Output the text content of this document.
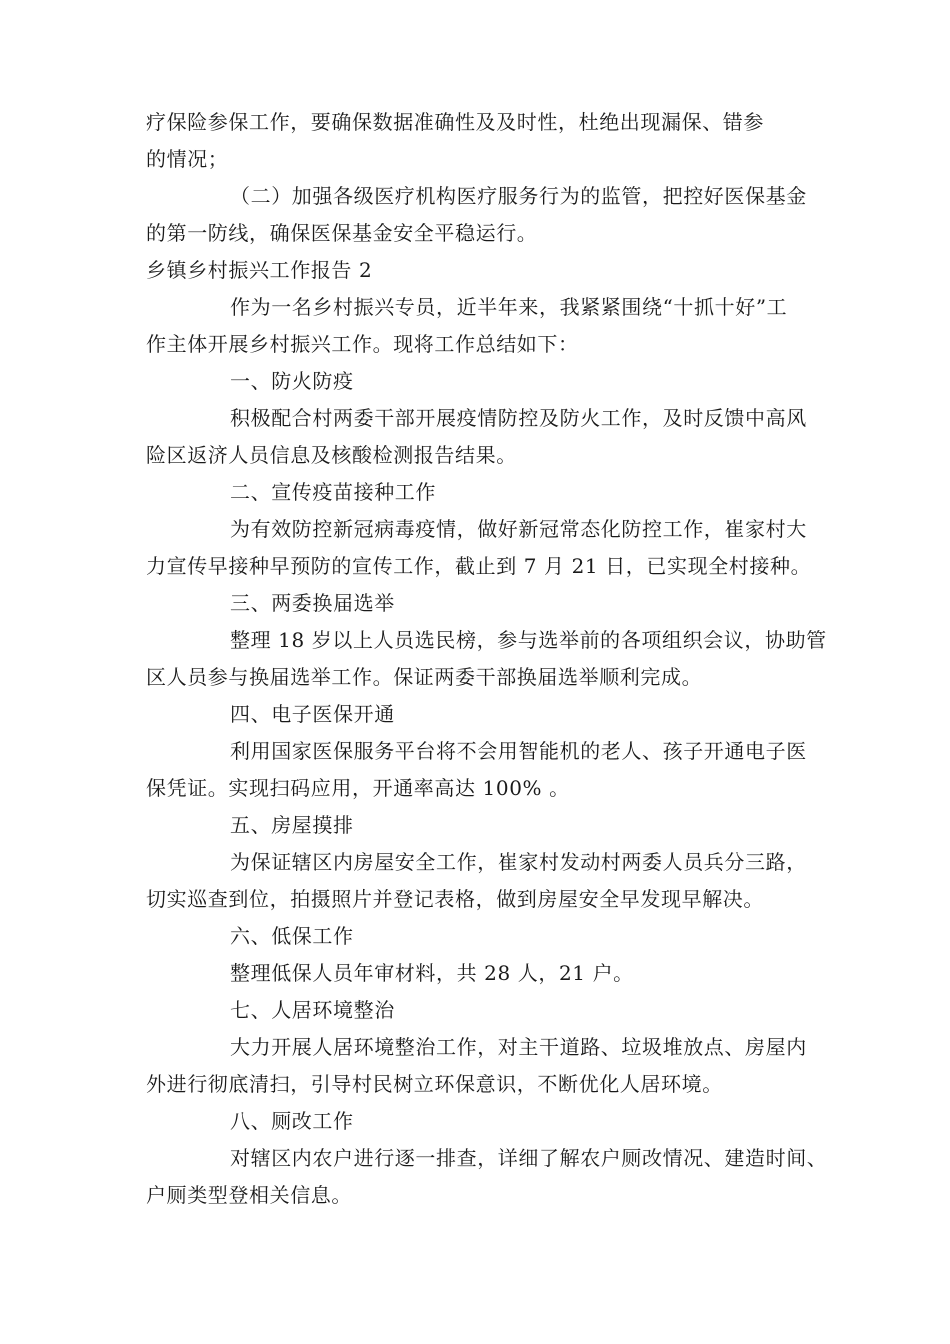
疗保险参保工作，要确保数据准确性及及时性，杜绝出现漏保、错参
的情况；
（二）加强各级医疗机构医疗服务行为的监管，把控好医保基金
的第一防线，确保医保基金安全平稳运行。
乡镇乡村振兴工作报告 2
作为一名乡村振兴专员，近半年来，我紧紧围绕“十抓十好”工
作主体开展乡村振兴工作。现将工作总结如下：
一、防火防疫
积极配合村两委干部开展疫情防控及防火工作，及时反馈中高风
险区返济人员信息及核酸检测报告结果。
二、宣传疫苗接种工作
为有效防控新冠病毒疫情，做好新冠常态化防控工作，崔家村大
力宣传早接种早预防的宣传工作，截止到 7 月 21 日，已实现全村接种。
三、两委换届选举
整理 18 岁以上人员选民榜，参与选举前的各项组织会议，协助管
区人员参与换届选举工作。保证两委干部换届选举顺利完成。
四、电子医保开通
利用国家医保服务平台将不会用智能机的老人、孩子开通电子医
保凭证。实现扫码应用，开通率高达 100% 。
五、房屋摸排
为保证辖区内房屋安全工作，崔家村发动村两委人员兵分三路，
切实巡查到位，拍摄照片并登记表格，做到房屋安全早发现早解决。
六、低保工作
整理低保人员年审材料，共 28 人，21 户。
七、人居环境整治
大力开展人居环境整治工作，对主干道路、垃圾堆放点、房屋内
外进行彻底清扫，引导村民树立环保意识，不断优化人居环境。
八、厕改工作
对辖区内农户进行逐一排查，详细了解农户厕改情况、建造时间、
户厕类型登相关信息。
